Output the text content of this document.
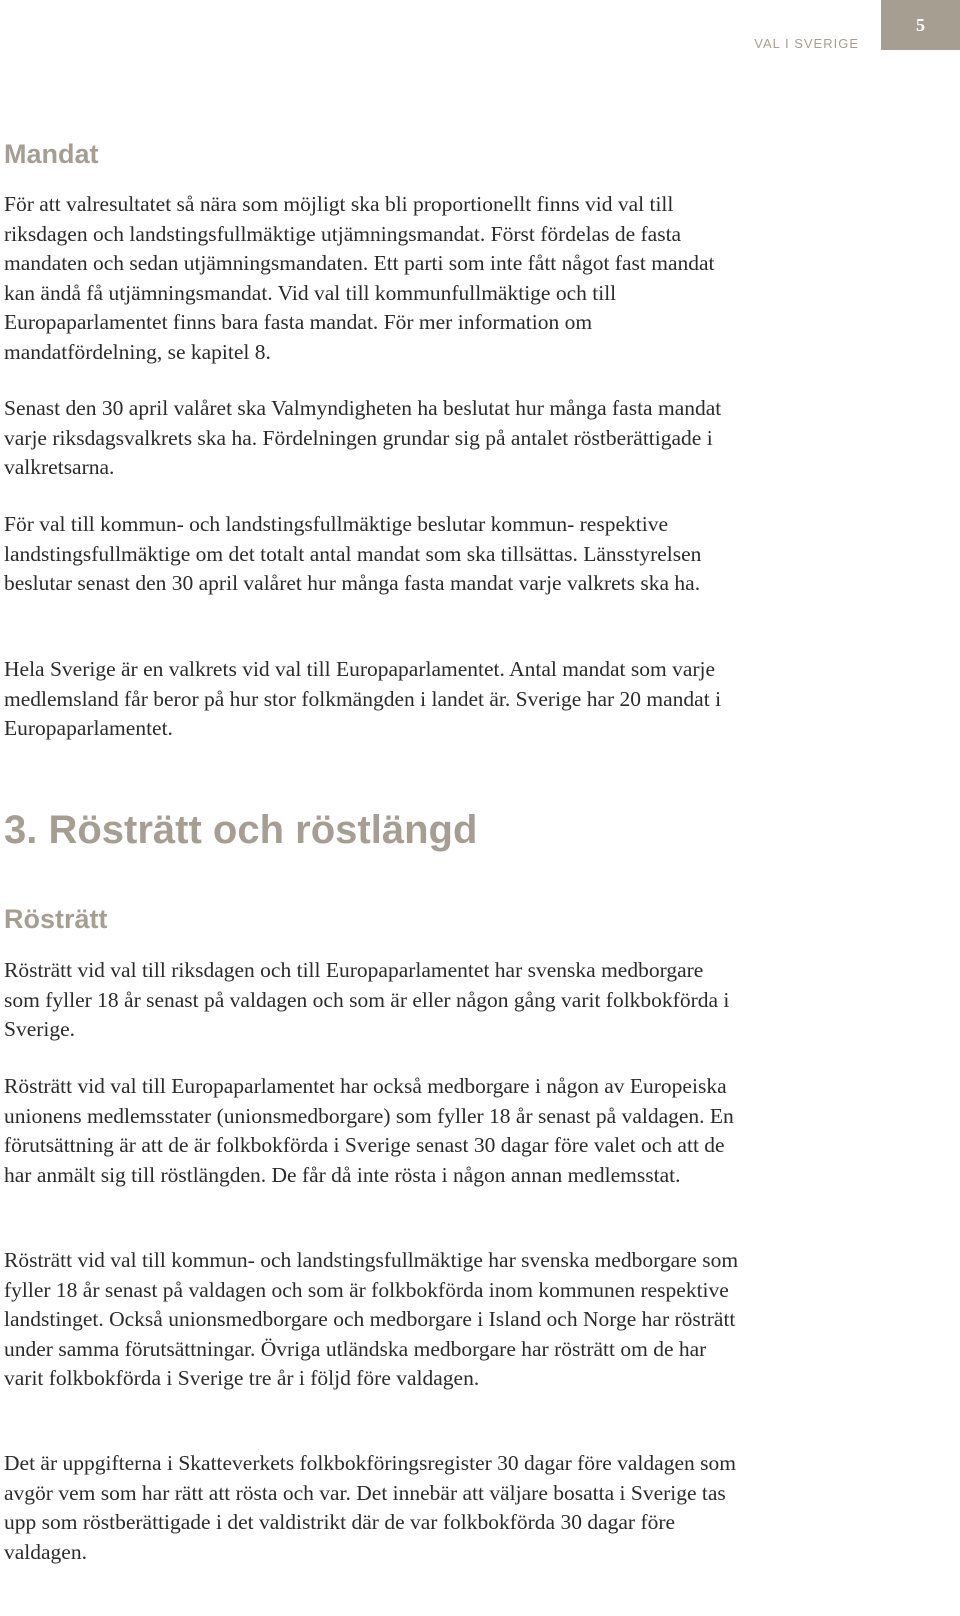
VAL I SVERIGE
5
Mandat

För att valresultatet så nära som möjligt ska bli proportionellt finns vid val till riksdagen och landstingsfullmäktige utjämningsmandat. Först fördelas de fasta mandaten och sedan utjämningsmandaten. Ett parti som inte fått något fast mandat kan ändå få utjämningsmandat. Vid val till kommunfullmäktige och till Europaparlamentet finns bara fasta mandat. För mer information om mandatfördelning, se kapitel 8.

Senast den 30 april valåret ska Valmyndigheten ha beslutat hur många fasta mandat varje riksdagsvalkrets ska ha. Fördelningen grundar sig på antalet röstberättigade i valkretsarna.

För val till kommun- och landstingsfullmäktige beslutar kommun- respektive landstingsfullmäktige om det totalt antal mandat som ska tillsättas. Länsstyrelsen beslutar senast den 30 april valåret hur många fasta mandat varje valkrets ska ha.

Hela Sverige är en valkrets vid val till Europaparlamentet. Antal mandat som varje medlemsland får beror på hur stor folkmängden i landet är. Sverige har 20 mandat i Europaparlamentet.

3. Rösträtt och röstlängd
Rösträtt

Rösträtt vid val till riksdagen och till Europaparlamentet har svenska medborgare som fyller 18 år senast på valdagen och som är eller någon gång varit folkbokförda i Sverige.

Rösträtt vid val till Europaparlamentet har också medborgare i någon av Europeiska unionens medlemsstater (unionsmedborgare) som fyller 18 år senast på valdagen. En förutsättning är att de är folkbokförda i Sverige senast 30 dagar före valet och att de har anmält sig till röstlängden. De får då inte rösta i någon annan medlemsstat.

Rösträtt vid val till kommun- och landstingsfullmäktige har svenska medborgare som fyller 18 år senast på valdagen och som är folkbokförda inom kommunen respektive landstinget. Också unionsmedborgare och medborgare i Island och Norge har rösträtt under samma förutsättningar. Övriga utländska medborgare har rösträtt om de har varit folkbokförda i Sverige tre år i följd före valdagen.

Det är uppgifterna i Skatteverkets folkbokföringsregister 30 dagar före valdagen som avgör vem som har rätt att rösta och var. Det innebär att väljare bosatta i Sverige tas upp som röstberättigade i det valdistrikt där de var folkbokförda 30 dagar före valdagen.
